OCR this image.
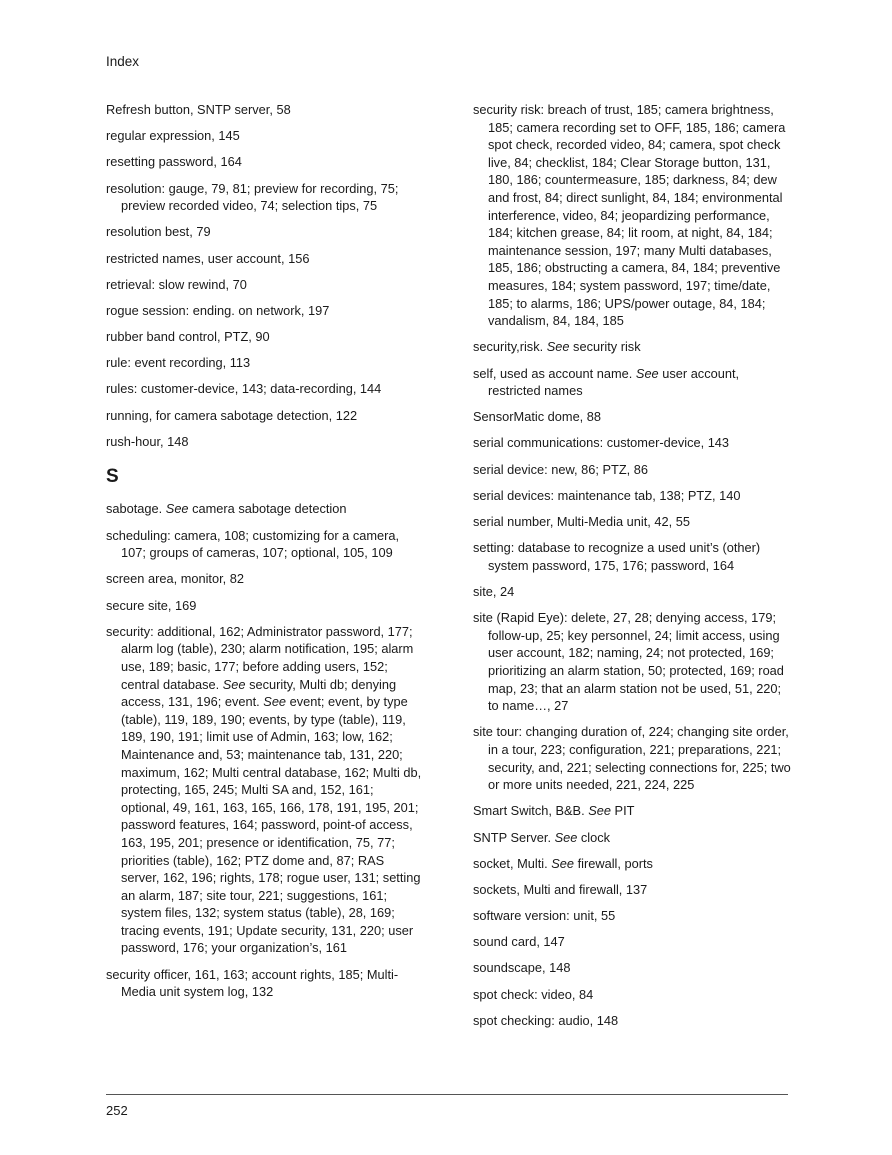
Index

Refresh button, SNTP server, 58

regular expression, 145

resetting password, 164

resolution: gauge, 79, 81; preview for recording, 75; preview recorded video, 74; selection tips, 75

resolution best, 79

restricted names, user account, 156

retrieval: slow rewind, 70

rogue session: ending. on network, 197

rubber band control, PTZ, 90

rule: event recording, 113

rules: customer-device, 143; data-recording, 144

running, for camera sabotage detection, 122

rush-hour, 148

S

sabotage. See camera sabotage detection

scheduling: camera, 108; customizing for a camera, 107; groups of cameras, 107; optional, 105, 109

screen area, monitor, 82

secure site, 169

security: additional, 162; Administrator password, 177; alarm log (table), 230; alarm notification, 195; alarm use, 189; basic, 177; before adding users, 152; central database. See security, Multi db; denying access, 131, 196; event. See event; event, by type (table), 119, 189, 190; events, by type (table), 119, 189, 190, 191; limit use of Admin, 163; low, 162; Maintenance and, 53; maintenance tab, 131, 220; maximum, 162; Multi central database, 162; Multi db, protecting, 165, 245; Multi SA and, 152, 161; optional, 49, 161, 163, 165, 166, 178, 191, 195, 201; password features, 164; password, point-of access, 163, 195, 201; presence or identification, 75, 77; priorities (table), 162; PTZ dome and, 87; RAS server, 162, 196; rights, 178; rogue user, 131; setting an alarm, 187; site tour, 221; suggestions, 161; system files, 132; system status (table), 28, 169; tracing events, 191; Update security, 131, 220; user password, 176; your organization’s, 161

security officer, 161, 163; account rights, 185; Multi-Media unit system log, 132

security risk: breach of trust, 185; camera brightness, 185; camera recording set to OFF, 185, 186; camera spot check, recorded video, 84; camera, spot check live, 84; checklist, 184; Clear Storage button, 131, 180, 186; countermeasure, 185; darkness, 84; dew and frost, 84; direct sunlight, 84, 184; environmental interference, video, 84; jeopardizing performance, 184; kitchen grease, 84; lit room, at night, 84, 184; maintenance session, 197; many Multi databases, 185, 186; obstructing a camera, 84, 184; preventive measures, 184; system password, 197; time/date, 185; to alarms, 186; UPS/power outage, 84, 184; vandalism, 84, 184, 185

security,risk. See security risk

self, used as account name. See user account, restricted names

SensorMatic dome, 88

serial communications: customer-device, 143

serial device: new, 86; PTZ, 86

serial devices: maintenance tab, 138; PTZ, 140

serial number, Multi-Media unit, 42, 55

setting: database to recognize a used unit’s (other) system password, 175, 176; password, 164

site, 24

site (Rapid Eye): delete, 27, 28; denying access, 179; follow-up, 25; key personnel, 24; limit access, using user account, 182; naming, 24; not protected, 169; prioritizing an alarm station, 50; protected, 169; road map, 23; that an alarm station not be used, 51, 220; to name…, 27

site tour: changing duration of, 224; changing site order, in a tour, 223; configuration, 221; preparations, 221; security, and, 221; selecting connections for, 225; two or more units needed, 221, 224, 225

Smart Switch, B&B. See PIT

SNTP Server. See clock

socket, Multi. See firewall, ports

sockets, Multi and firewall, 137

software version: unit, 55

sound card, 147

soundscape, 148

spot check: video, 84

spot checking: audio, 148

252
